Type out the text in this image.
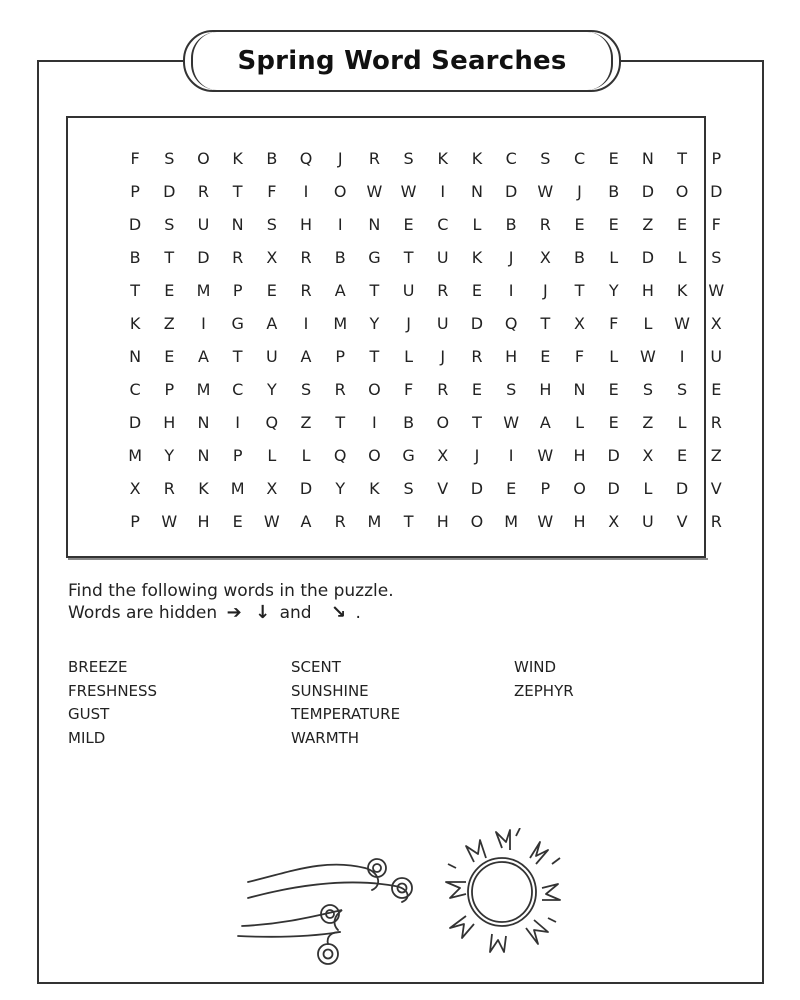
Spring Word Searches
F	S	O	K	B	Q	J	R	S	K	K	C	S	C	E	N	T	P
P	D	R	T	F	I	O	W	W	I	N	D	W	J	B	D	O	D
D	S	U	N	S	H	I	N	E	C	L	B	R	E	E	Z	E	F
B	T	D	R	X	R	B	G	T	U	K	J	X	B	L	D	L	S
T	E	M	P	E	R	A	T	U	R	E	I	J	T	Y	H	K	W
K	Z	I	G	A	I	M	Y	J	U	D	Q	T	X	F	L	W	X
N	E	A	T	U	A	P	T	L	J	R	H	E	F	L	W	I	U
C	P	M	C	Y	S	R	O	F	R	E	S	H	N	E	S	S	E
D	H	N	I	Q	Z	T	I	B	O	T	W	A	L	E	Z	L	R
M	Y	N	P	L	L	Q	O	G	X	J	I	W	H	D	X	E	Z
X	R	K	M	X	D	Y	K	S	V	D	E	P	O	D	L	D	V
P	W	H	E	W	A	R	M	T	H	O	M	W	H	X	U	V	R
Find the following words in the puzzle.
Words are hidden ➔ ↓ and ↘ .
BREEZE
FRESHNESS
GUST
MILD
SCENT
SUNSHINE
TEMPERATURE
WARMTH
WIND
ZEPHYR
